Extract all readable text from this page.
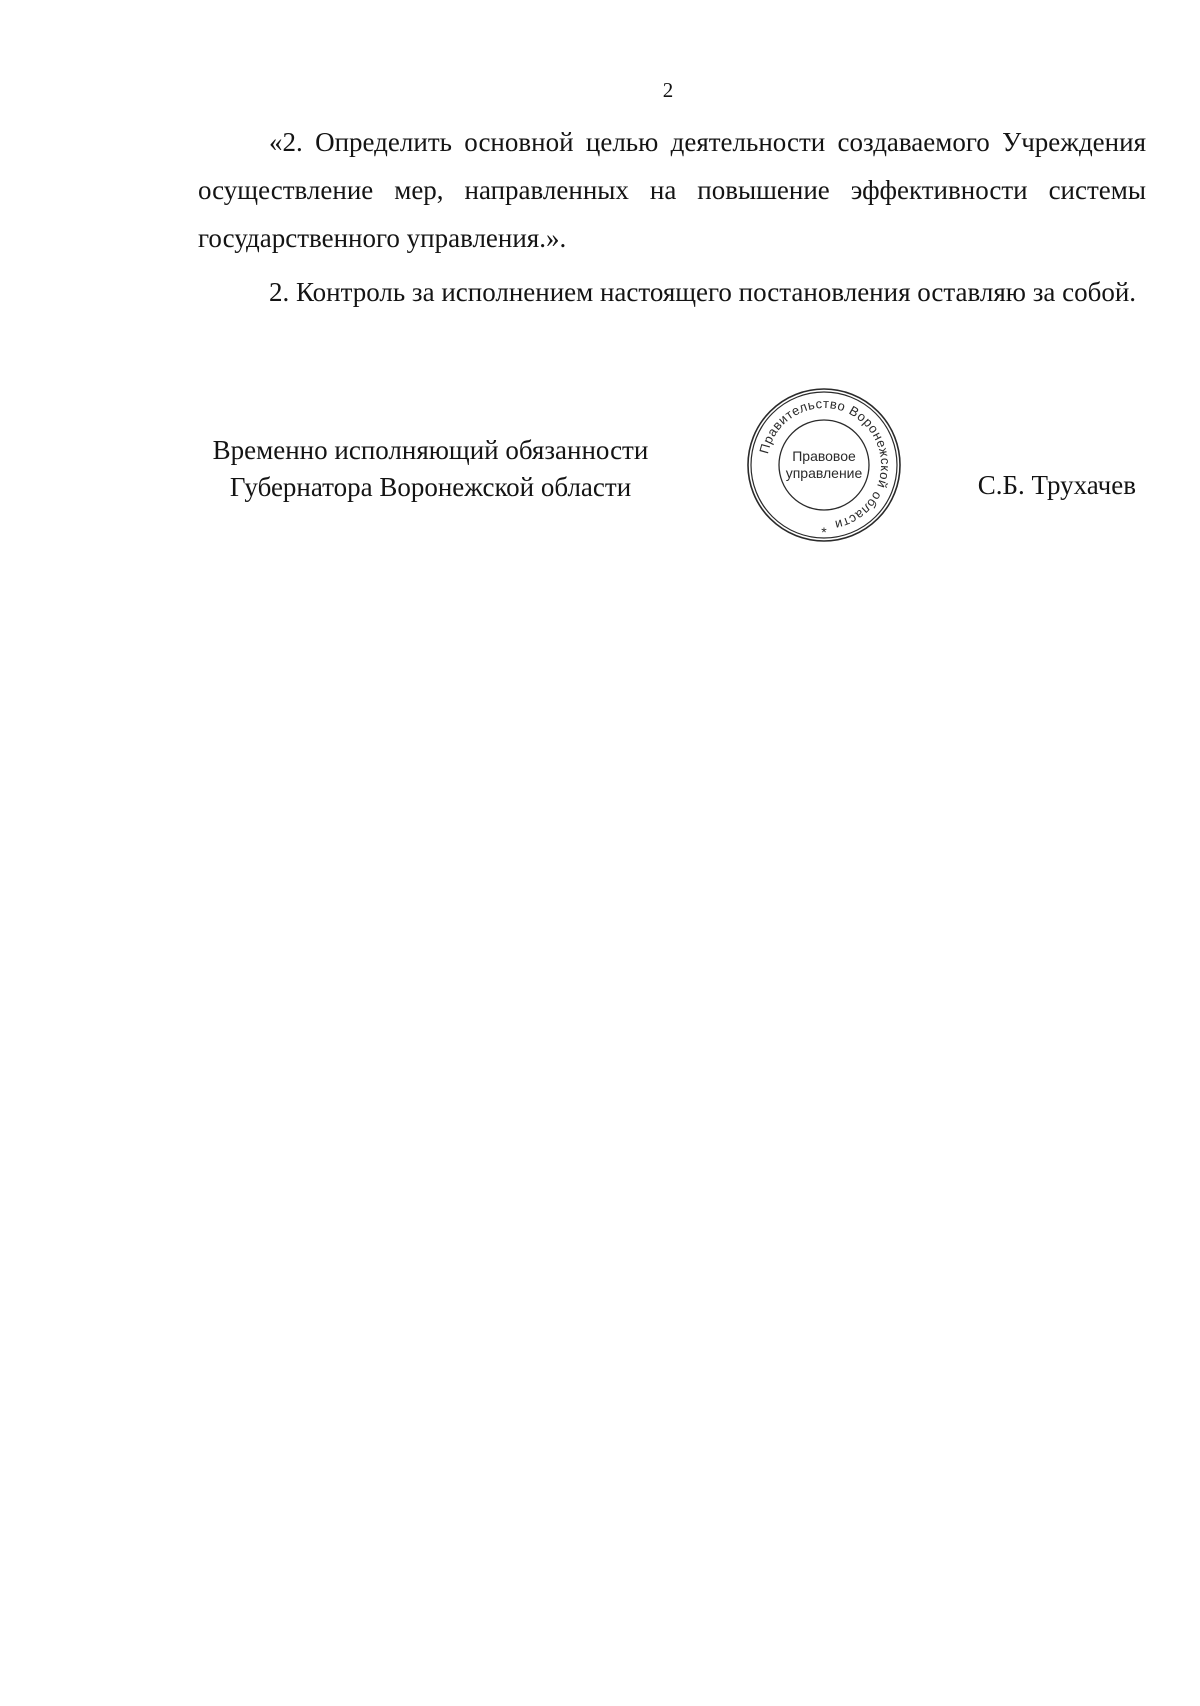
2

«2. Определить основной целью деятельности создаваемого Учреждения осуществление мер, направленных на повышение эффективности системы государственного управления.».

2. Контроль за исполнением настоящего постановления оставляю за собой.

Временно исполняющий обязанности
Губернатора Воронежской области
Правительство Воронежской области
Правовое
управление
*
С.Б. Трухачев
